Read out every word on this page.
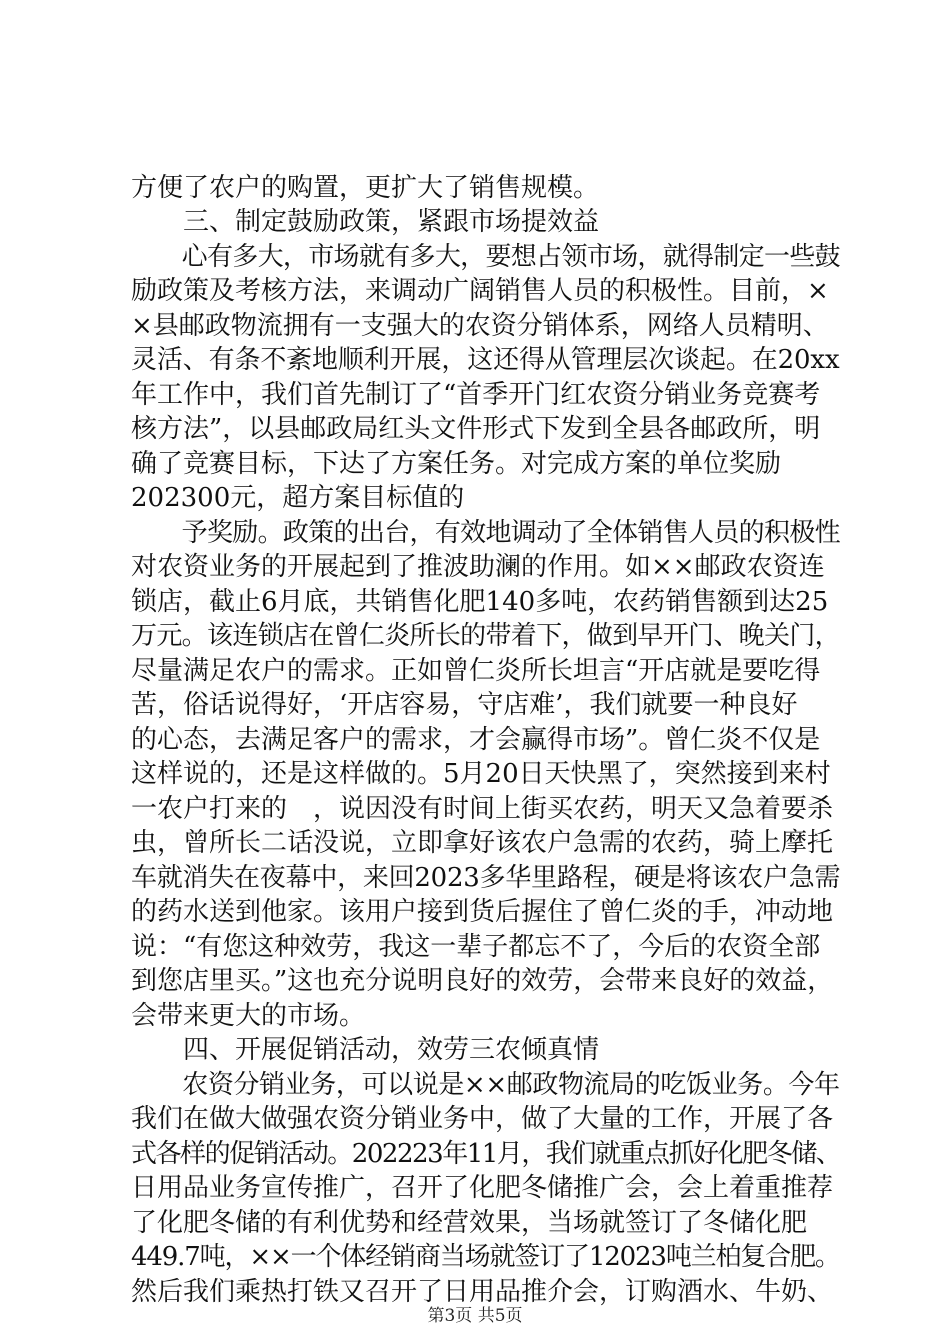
方便了农户的购置，更扩大了销售规模。
　　三、制定鼓励政策，紧跟市场提效益
　　心有多大，市场就有多大，要想占领市场，就得制定一些鼓
励政策及考核方法，来调动广阔销售人员的积极性。目前，×
×县邮政物流拥有一支强大的农资分销体系，网络人员精明、
灵活、有条不紊地顺利开展，这还得从管理层次谈起。在20xx
年工作中，我们首先制订了“首季开门红农资分销业务竞赛考
核方法”，以县邮政局红头文件形式下发到全县各邮政所，明
确了竞赛目标，下达了方案任务。对完成方案的单位奖励
202300元，超方案目标值的
　　予奖励。政策的出台，有效地调动了全体销售人员的积极性
对农资业务的开展起到了推波助澜的作用。如××邮政农资连
锁店，截止6月底，共销售化肥140多吨，农药销售额到达25
万元。该连锁店在曾仁炎所长的带着下，做到早开门、晚关门，
尽量满足农户的需求。正如曾仁炎所长坦言“开店就是要吃得
苦，俗话说得好，‘开店容易，守店难’，我们就要一种良好
的心态，去满足客户的需求，才会赢得市场”。曾仁炎不仅是
这样说的，还是这样做的。5月20日天快黑了，突然接到来村
一农户打来的　，说因没有时间上街买农药，明天又急着要杀
虫，曾所长二话没说，立即拿好该农户急需的农药，骑上摩托
车就消失在夜幕中，来回2023多华里路程，硬是将该农户急需
的药水送到他家。该用户接到货后握住了曾仁炎的手，冲动地
说：“有您这种效劳，我这一辈子都忘不了，今后的农资全部
到您店里买。”这也充分说明良好的效劳，会带来良好的效益，
会带来更大的市场。
　　四、开展促销活动，效劳三农倾真情
　　农资分销业务，可以说是××邮政物流局的吃饭业务。今年
我们在做大做强农资分销业务中，做了大量的工作，开展了各
式各样的促销活动。202223年11月，我们就重点抓好化肥冬储、
日用品业务宣传推广，召开了化肥冬储推广会，会上着重推荐
了化肥冬储的有利优势和经营效果，当场就签订了冬储化肥
449.7吨，××一个体经销商当场就签订了12023吨兰柏复合肥。
然后我们乘热打铁又召开了日用品推介会，订购酒水、牛奶、
第3页 共5页
